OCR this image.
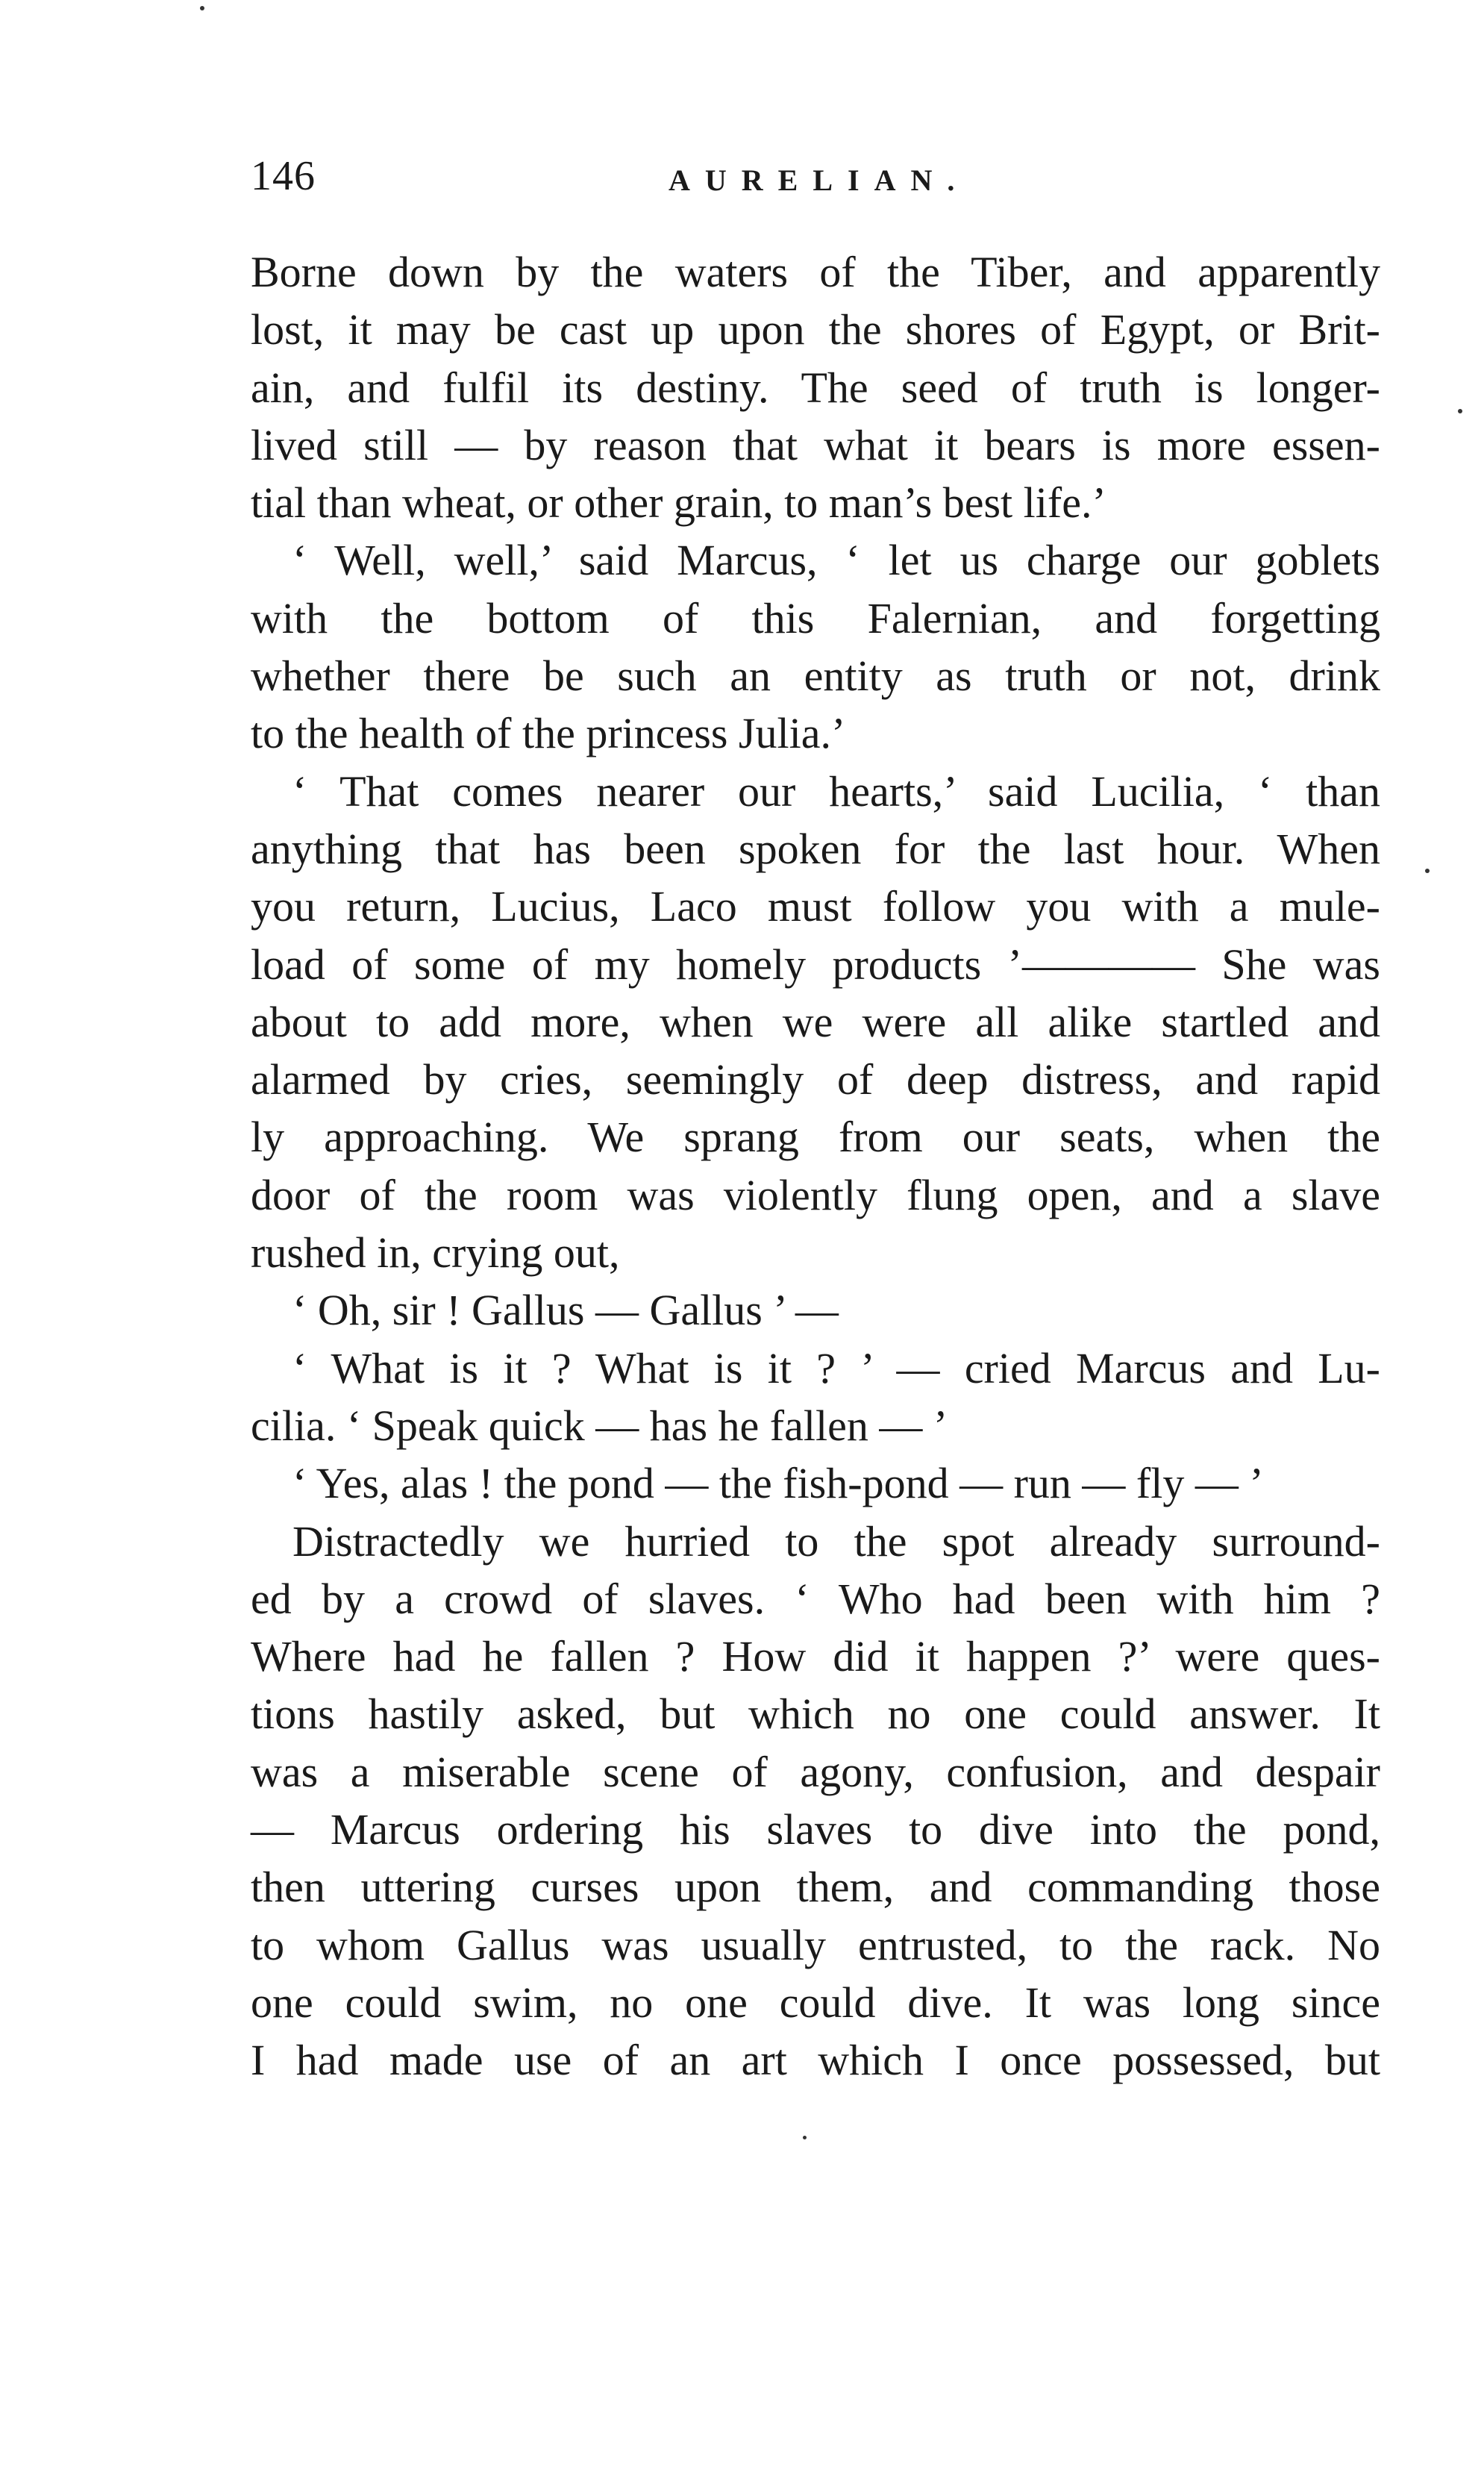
146	AURELIAN.
Borne down by the waters of the Tiber, and apparently
lost, it may be cast up upon the shores of Egypt, or Brit-
ain, and fulfil its destiny. The seed of truth is longer-
lived still — by reason that what it bears is more essen-
tial than wheat, or other grain, to man’s best life.’
‘ Well, well,’ said Marcus, ‘ let us charge our goblets
with the bottom of this Falernian, and forgetting
whether there be such an entity as truth or not, drink
to the health of the princess Julia.’
‘ That comes nearer our hearts,’ said Lucilia, ‘ than
anything that has been spoken for the last hour. When
you return, Lucius, Laco must follow you with a mule-
load of some of my homely products ’———— She was
about to add more, when we were all alike startled and
alarmed by cries, seemingly of deep distress, and rapid
ly approaching. We sprang from our seats, when the
door of the room was violently flung open, and a slave
rushed in, crying out,
‘ Oh, sir ! Gallus — Gallus ’ —
‘ What is it ? What is it ? ’ — cried Marcus and Lu-
cilia. ‘ Speak quick — has he fallen — ’
‘ Yes, alas ! the pond — the fish-pond — run — fly — ’
Distractedly we hurried to the spot already surround-
ed by a crowd of slaves. ‘ Who had been with him ?
Where had he fallen ? How did it happen ?’ were ques-
tions hastily asked, but which no one could answer. It
was a miserable scene of agony, confusion, and despair
— Marcus ordering his slaves to dive into the pond,
then uttering curses upon them, and commanding those
to whom Gallus was usually entrusted, to the rack. No
one could swim, no one could dive. It was long since
I had made use of an art which I once possessed, but
